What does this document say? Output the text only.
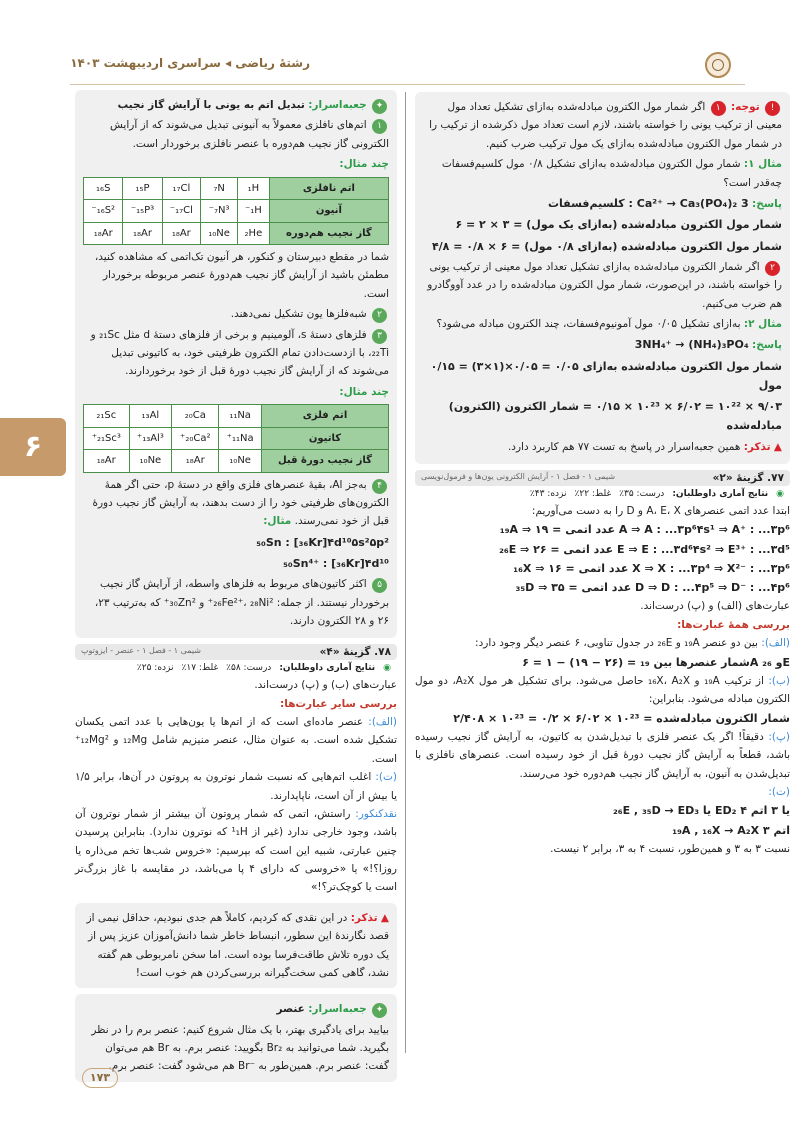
رشتهٔ ریاضی ◂ سراسری اردیبهشت ۱۴۰۳
۶
! توجه: ۱ اگر شمار مول الکترون مبادله‌شده به‌ازای تشکیل تعداد مول معینی از ترکیب یونی را خواسته باشند، لازم است تعداد مول ذکرشده از ترکیب را در شمار مول الکترون مبادله‌شده به‌ازای یک مول ترکیب ضرب کنیم.
مثال ۱: شمار مول الکترون مبادله‌شده به‌ازای تشکیل ۰/۸ مول کلسیم‌فسفات چه‌قدر است؟
پاسخ: 3 Ca²⁺ → Ca₃(PO₄)₂ : کلسیم‌فسفات
۶ = ۲ × ۳ = شمار مول الکترون مبادله‌شده (به‌ازای یک مول)
۴/۸ = ۰/۸ × ۶ = شمار مول الکترون مبادله‌شده (به‌ازای ۰/۸ مول)
۲ اگر شمار الکترون مبادله‌شده به‌ازای تشکیل تعداد مول معینی از ترکیب یونی را خواسته باشند، در این‌صورت، شمار مول الکترون مبادله‌شده را در عدد آووگادرو هم ضرب می‌کنیم.
مثال ۲: به‌ازای تشکیل ۰/۰۵ مول آمونیوم‌فسفات، چند الکترون مبادله می‌شود؟
پاسخ: 3NH₄⁺ → (NH₄)₃PO₄
۰/۱۵ = (۳×۱)×۰/۰۵ = شمار مول الکترون مبادله‌شده به‌ازای ۰/۰۵ مول
(الکترون) ۹/۰۳ × ۱۰²² = ۶/۰۲ × ۱۰²³ × ۰/۱۵ = شمار الکترون مبادله‌شده
▲ تذکر: همین جعبه‌اسرار در پاسخ به تست ۷۷ هم کاربرد دارد.
۷۷. گزینهٔ «۲»
شیمی ۱ - فصل ۱ - آرایش الکترونی یون‌ها و فرمول‌نویسی
◉
نتایج آماری داوطلبان:
درست: ۳۵٪
غلط: ۲۲٪
نزده: ۴۳٪
ابتدا عدد اتمی عنصرهای A، E، X و D را به دست می‌آوریم:
₁₉A ⇒ ۱۹ = عدد اتمی A ⇒ A : ...۳p⁶۴s¹ ⇒ A⁺ : ...۳p⁶
₂₆E ⇒ ۲۶ = عدد اتمی E ⇒ E : ...۳d⁶۴s² ⇒ E³⁺ : ...۳d⁵
₁₆X ⇒ ۱۶ = عدد اتمی X ⇒ X : ...۳p⁴ ⇒ X²⁻ : ...۳p⁶
₃₅D ⇒ ۳۵ = عدد اتمی D ⇒ D : ...۴p⁵ ⇒ D⁻ : ...۴p⁶
عبارت‌های (الف) و (پ) درست‌اند.
بررسی همهٔ عبارت‌ها:
(الف): بین دو عنصر ₁₉A و ₂₆E در جدول تناوبی، ۶ عنصر دیگر وجود دارد:
۶ = ۱ − (۱۹ − ۲۶) = شمار عنصرها بین ₁₉A و ₂₆E
(ب): از ترکیب ₁₉A و ₁₆X، A₂X حاصل می‌شود. برای تشکیل هر مول A₂X، دو مول الکترون مبادله می‌شود. بنابراین:
۲/۴۰۸ × ۱۰²³ = ۰/۲ × ۶/۰۲ × ۱۰²³ = شمار الکترون مبادله‌شده
(پ): دقیقاً! اگر یک عنصر فلزی با تبدیل‌شدن به کاتیون، به آرایش گاز نجیب رسیده باشد، قطعاً به آرایش گاز نجیب دورهٔ قبل از خود رسیده است. عنصرهای نافلزی با تبدیل‌شدن به آنیون، به آرایش گاز نجیب هم‌دوره خود می‌رسند.
(ت):
₂₆E , ₃₅D → ED₃ یا ED₂ ۴ یا ۳ اتم
₁₉A , ₁₆X → A₂X ۳ اتم
نسبت ۳ به ۳ و همین‌طور، نسبت ۴ به ۳، برابر ۲ نیست.
✦ جعبه‌اسرار: تبدیل اتم به یونی با آرایش گاز نجیب
۱ اتم‌های نافلزی معمولاً به آنیونی تبدیل می‌شوند که از آرایش الکترونی گاز نجیب هم‌دوره با عنصر نافلزی برخوردار است.
چند مثال:
اتم نافلزی	₁H	₇N	₁₇Cl	₁₅P	₁₆S
آنیون	₁H⁻	₇N³⁻	₁₇Cl⁻	₁₅P³⁻	₁₆S²⁻
گاز نجیب هم‌دوره	₂He	₁₀Ne	₁₈Ar	₁₈Ar	₁₈Ar
شما در مقطع دبیرستان و کنکور، هر آنیون تک‌اتمی که مشاهده کنید، مطمئن باشید از آرایش گاز نجیب هم‌دورهٔ عنصر مربوطه برخوردار است.
۲ شبه‌فلزها یون تشکیل نمی‌دهند.
۳ فلزهای دستهٔ s، آلومینیم و برخی از فلزهای دستهٔ d مثل ₂₁Sc و ₂₂Ti، با ازدست‌دادن تمام الکترون ظرفیتی خود، به کاتیونی تبدیل می‌شوند که از آرایش گاز نجیب دورهٔ قبل از خود برخوردارند.
چند مثال:
اتم فلزی	₁₁Na	₂₀Ca	₁₃Al	₂₁Sc
کاتیون	₁₁Na⁺	₂₀Ca²⁺	₁₃Al³⁺	₂₁Sc³⁺
گاز نجیب دورهٔ قبل	₁₀Ne	₁₈Ar	₁₀Ne	₁₈Ar
۴ به‌جز Al، بقیهٔ عنصرهای فلزی واقع در دستهٔ p، حتی اگر همهٔ الکترون‌های ظرفیتی خود را از دست بدهند، به آرایش گاز نجیب دورهٔ قبل از خود نمی‌رسند. مثال:
₅₀Sn : [₃₆Kr]۴d¹⁰۵s²۵p²
₅₀Sn⁴⁺ : [₃₆Kr]۴d¹⁰
۵ اکثر کاتیون‌های مربوط به فلزهای واسطه، از آرایش گاز نجیب برخوردار نیستند. از جمله: ₂₆Fe²⁺، ₂₈Ni²⁺ و ₃₀Zn²⁺ که به‌ترتیب ۲۳، ۲۶ و ۲۸ الکترون دارند.
۷۸. گزینهٔ «۴»
شیمی ۱ - فصل ۱ - عنصر - ایزوتوپ
◉
نتایج آماری داوطلبان:
درست: ۵۸٪
غلط: ۱۷٪
نزده: ۲۵٪
عبارت‌های (ب) و (پ) درست‌اند.
بررسی سایر عبارت‌ها:
(الف): عنصر ماده‌ای است که از اتم‌ها یا یون‌هایی با عدد اتمی یکسان تشکیل شده است. به عنوان مثال، عنصر منیزیم شامل ₁₂Mg و ₁₂Mg²⁺ است.
(ت): اغلب اتم‌هایی که نسبت شمار نوترون به پروتون در آن‌ها، برابر ۱/۵ یا بیش از آن است، ناپایدارند.
نقدکنکور: راستش، اتمی که شمار پروتون آن بیشتر از شمار نوترون آن باشد، وجود خارجی ندارد (غیر از ¹₁H که نوترون ندارد). بنابراین پرسیدن چنین عبارتی، شبیه این است که بپرسیم: «خروس شب‌ها تخم می‌ذاره یا روزا؟!» یا «خروسی که دارای ۴ پا می‌باشد، در مقایسه با غاز بزرگ‌تر است یا کوچک‌تر؟!»
▲ تذکر: در این نقدی که کردیم، کاملاً هم جدی نبودیم، حداقل نیمی از قصد نگارندهٔ این سطور، انبساط خاطر شما دانش‌آموزان عزیز پس از یک دوره تلاش طاقت‌فرسا بوده است. اما سخن نامربوطی هم گفته نشد، گاهی کمی سخت‌گیرانه بررسی‌کردن هم خوب است!
✦ جعبه‌اسرار: عنصر
بیایید برای یادگیری بهتر، با یک مثال شروع کنیم: عنصر برم را در نظر بگیرید. شما می‌توانید به Br₂ بگویید: عنصر برم. به Br هم می‌توان گفت: عنصر برم. همین‌طور به ⁻Br هم می‌شود گفت: عنصر برم.
۱۷۳
